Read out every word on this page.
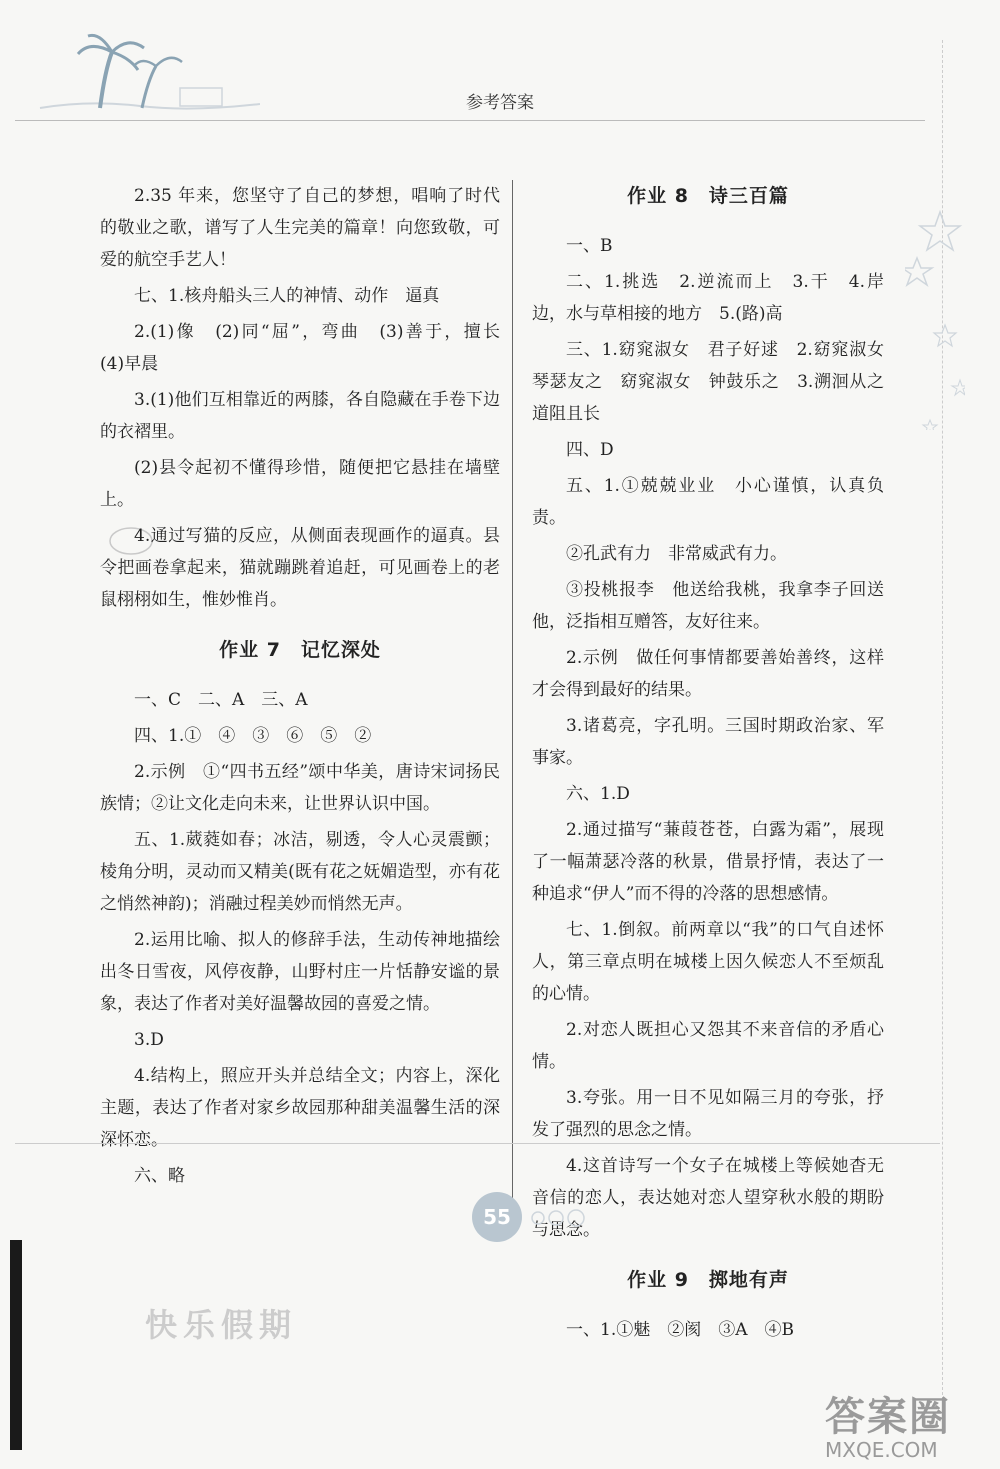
参考答案

2.35 年来，您坚守了自己的梦想，唱响了时代的敬业之歌，谱写了人生完美的篇章！向您致敬，可爱的航空手艺人！

七、1.核舟船头三人的神情、动作　逼真

2.(1)像　(2)同“屈”，弯曲　(3)善于，擅长　(4)早晨

3.(1)他们互相靠近的两膝，各自隐藏在手卷下边的衣褶里。

(2)县令起初不懂得珍惜，随便把它悬挂在墙壁上。

4.通过写猫的反应，从侧面表现画作的逼真。县令把画卷拿起来，猫就蹦跳着追赶，可见画卷上的老鼠栩栩如生，惟妙惟肖。

作业 7　记忆深处

一、C　二、A　三、A

四、1.①　④　③　⑥　⑤　②

2.示例　①“四书五经”颂中华美，唐诗宋词扬民族情；②让文化走向未来，让世界认识中国。

五、1.葳蕤如春；冰洁，剔透，令人心灵震颤；棱角分明，灵动而又精美(既有花之妩媚造型，亦有花之悄然神韵)；消融过程美妙而悄然无声。

2.运用比喻、拟人的修辞手法，生动传神地描绘出冬日雪夜，风停夜静，山野村庄一片恬静安谧的景象，表达了作者对美好温馨故园的喜爱之情。

3.D

4.结构上，照应开头并总结全文；内容上，深化主题，表达了作者对家乡故园那种甜美温馨生活的深深怀恋。

六、略

作业 8　诗三百篇

一、B

二、1.挑选　2.逆流而上　3.干　4.岸边，水与草相接的地方　5.(路)高

三、1.窈窕淑女　君子好逑　2.窈窕淑女　琴瑟友之　窈窕淑女　钟鼓乐之　3.溯洄从之　道阻且长

四、D

五、1.①兢兢业业　小心谨慎，认真负责。

②孔武有力　非常威武有力。

③投桃报李　他送给我桃，我拿李子回送他，泛指相互赠答，友好往来。

2.示例　做任何事情都要善始善终，这样才会得到最好的结果。

3.诸葛亮，字孔明。三国时期政治家、军事家。

六、1.D

2.通过描写“蒹葭苍苍，白露为霜”，展现了一幅萧瑟冷落的秋景，借景抒情，表达了一种追求“伊人”而不得的冷落的思想感情。

七、1.倒叙。前两章以“我”的口气自述怀人，第三章点明在城楼上因久候恋人不至烦乱的心情。

2.对恋人既担心又怨其不来音信的矛盾心情。

3.夸张。用一日不见如隔三月的夸张，抒发了强烈的思念之情。

4.这首诗写一个女子在城楼上等候她杳无音信的恋人，表达她对恋人望穿秋水般的期盼与思念。

作业 9　掷地有声

一、1.①魅　②阂　③A　④B

55
快乐假期
答案圈
MXQE.COM
